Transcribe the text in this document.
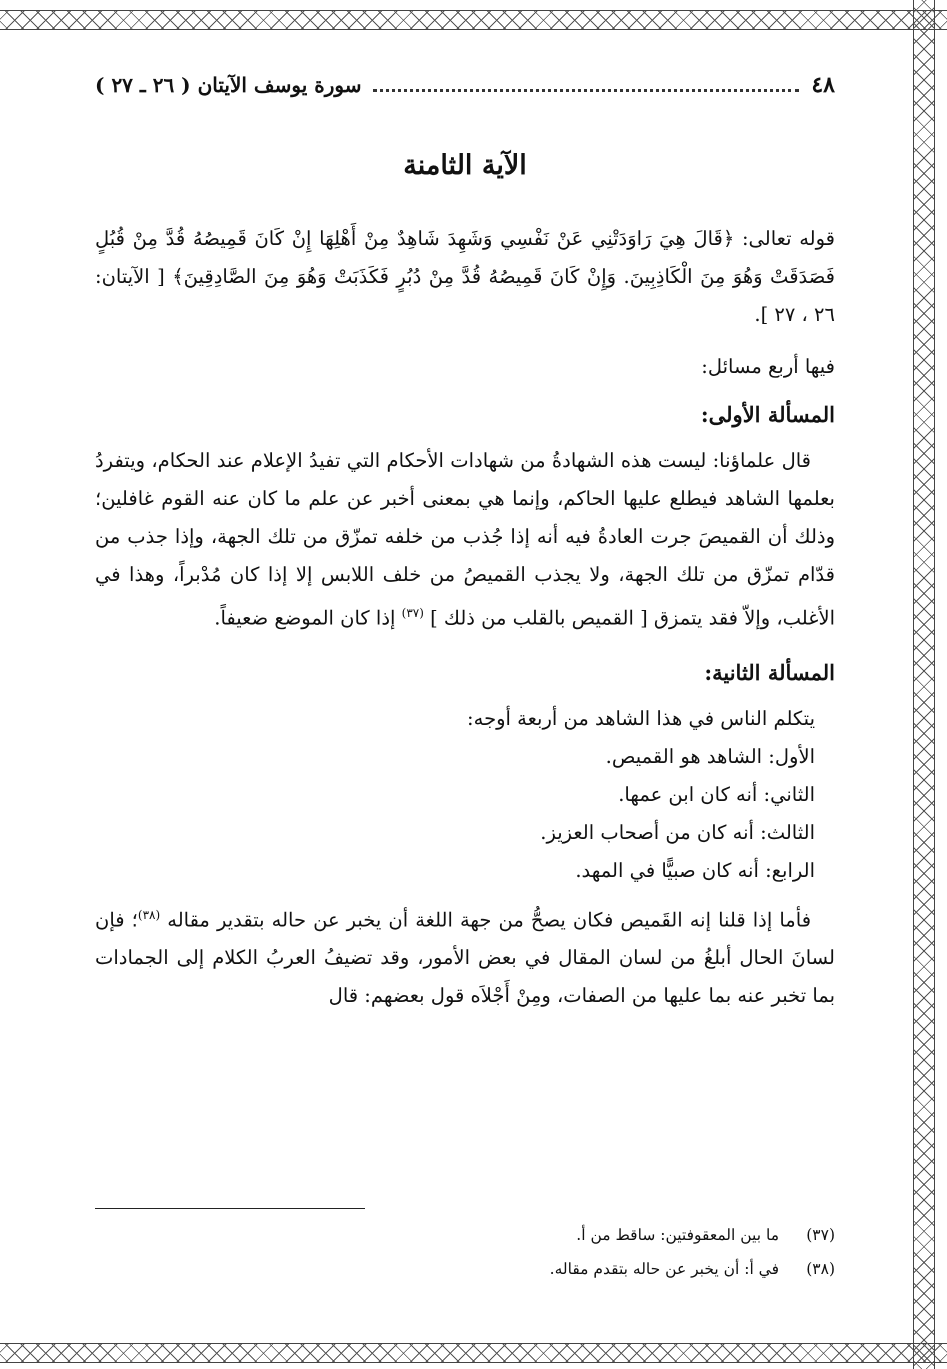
٤٨
سورة يوسف الآيتان ( ٢٦ ـ ٢٧ )
الآية الثامنة

قوله تعالى: ﴿قَالَ هِيَ رَاوَدَتْنِي عَنْ نَفْسِي وَشَهِدَ شَاهِدٌ مِنْ أَهْلِهَا إِنْ كَانَ قَمِيصُهُ قُدَّ مِنْ قُبُلٍ فَصَدَقَتْ وَهُوَ مِنَ الْكَاذِبِينَ. وَإِنْ كَانَ قَمِيصُهُ قُدَّ مِنْ دُبُرٍ فَكَذَبَتْ وَهُوَ مِنَ الصَّادِقِينَ﴾ [ الآيتان: ٢٦ ، ٢٧ ].

فيها أربع مسائل:

المسألة الأولى:

قال علماؤنا: ليست هذه الشهادةُ من شهادات الأحكام التي تفيدُ الإعلام عند الحكام، ويتفردُ بعلمها الشاهد فيطلع عليها الحاكم، وإنما هي بمعنى أخبر عن علم ما كان عنه القوم غافلين؛ وذلك أن القميصَ جرت العادةُ فيه أنه إذا جُذب من خلفه تمزّق من تلك الجهة، وإذا جذب من قدّام تمزّق من تلك الجهة، ولا يجذب القميصُ من خلف اللابس إلا إذا كان مُدْبراً، وهذا في الأغلب، وإلاّ فقد يتمزق [ القميص بالقلب من ذلك ] $^{(٣٧)}$ إذا كان الموضع ضعيفاً.

المسألة الثانية:
يتكلم الناس في هذا الشاهد من أربعة أوجه:
الأول: الشاهد هو القميص.
الثاني: أنه كان ابن عمها.
الثالث: أنه كان من أصحاب العزيز.
الرابع: أنه كان صبيًّا في المهد.

فأما إذا قلنا إنه القَميص فكان يصحُّ من جهة اللغة أن يخبر عن حاله بتقدير مقاله $^{(٣٨)}$؛ فإن لسانَ الحال أبلغُ من لسان المقال في بعض الأمور، وقد تضيفُ العربُ الكلام إلى الجمادات بما تخبر عنه بما عليها من الصفات، ومِنْ أَجْلاَه قول بعضهم: قال

(٣٧)
ما بين المعقوفتين: ساقط من أ.
(٣٨)
في أ: أن يخبر عن حاله بتقدم مقاله.
